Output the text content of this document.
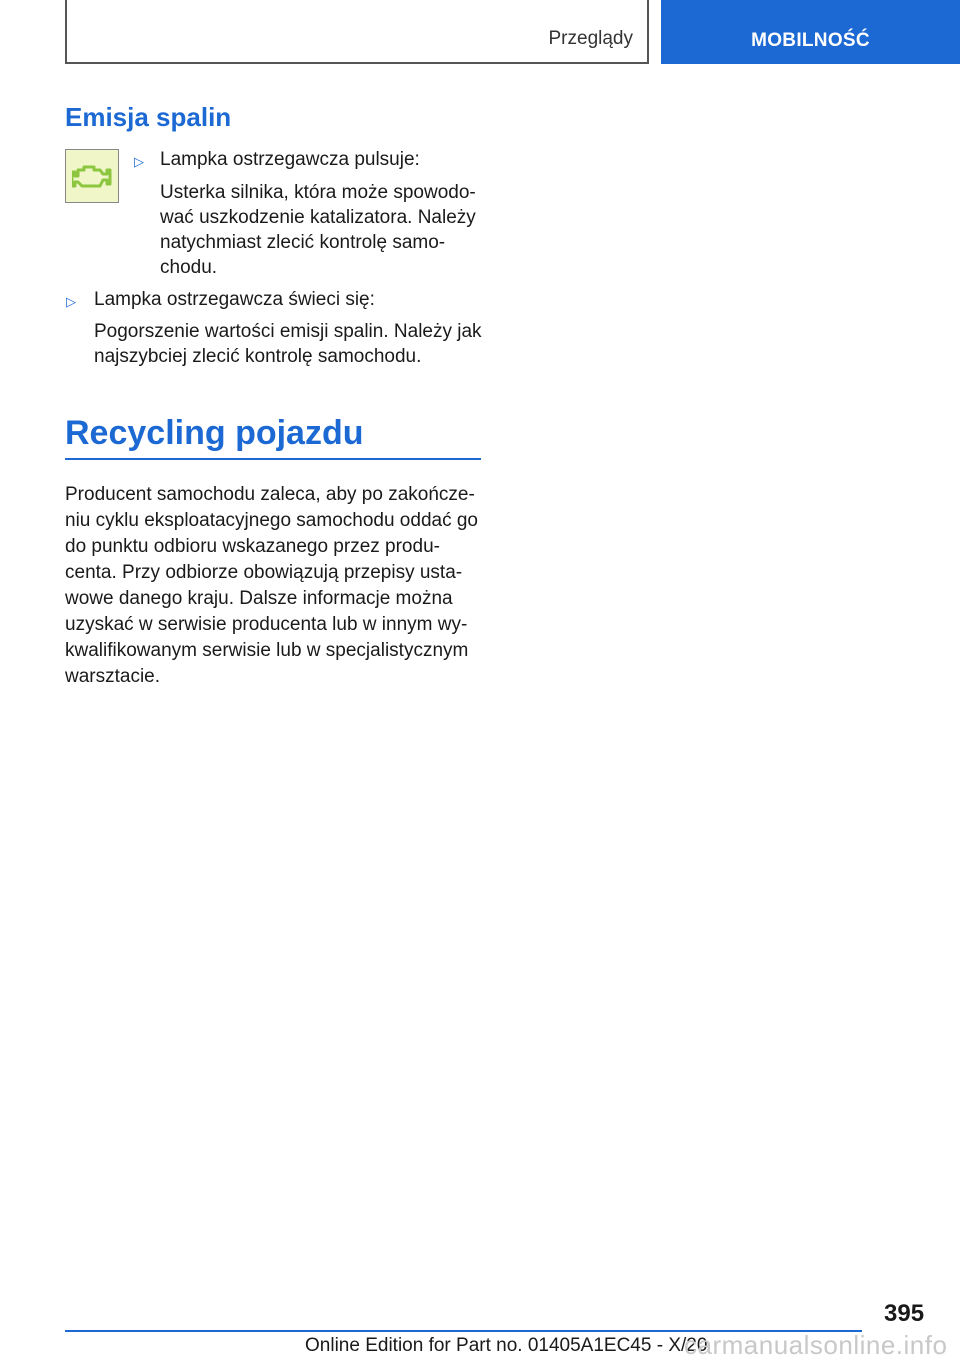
Przeglądy	MOBILNOŚĆ
Emisja spalin
▷ Lampka ostrzegawcza pulsuje:
Usterka silnika, która może spowodo-
wać uszkodzenie katalizatora. Należy
natychmiast zlecić kontrolę samo-
chodu.
▷ Lampka ostrzegawcza świeci się:
Pogorszenie wartości emisji spalin. Należy jak
najszybciej zlecić kontrolę samochodu.
Recycling pojazdu
Producent samochodu zaleca, aby po zakończe-
niu cyklu eksploatacyjnego samochodu oddać go
do punktu odbioru wskazanego przez produ-
centa. Przy odbiorze obowiązują przepisy usta-
wowe danego kraju. Dalsze informacje można
uzyskać w serwisie producenta lub w innym wy-
kwalifikowanym serwisie lub w specjalistycznym
warsztacie.
395
Online Edition for Part no. 01405A1EC45 - X/20
carmanualsonline.info
